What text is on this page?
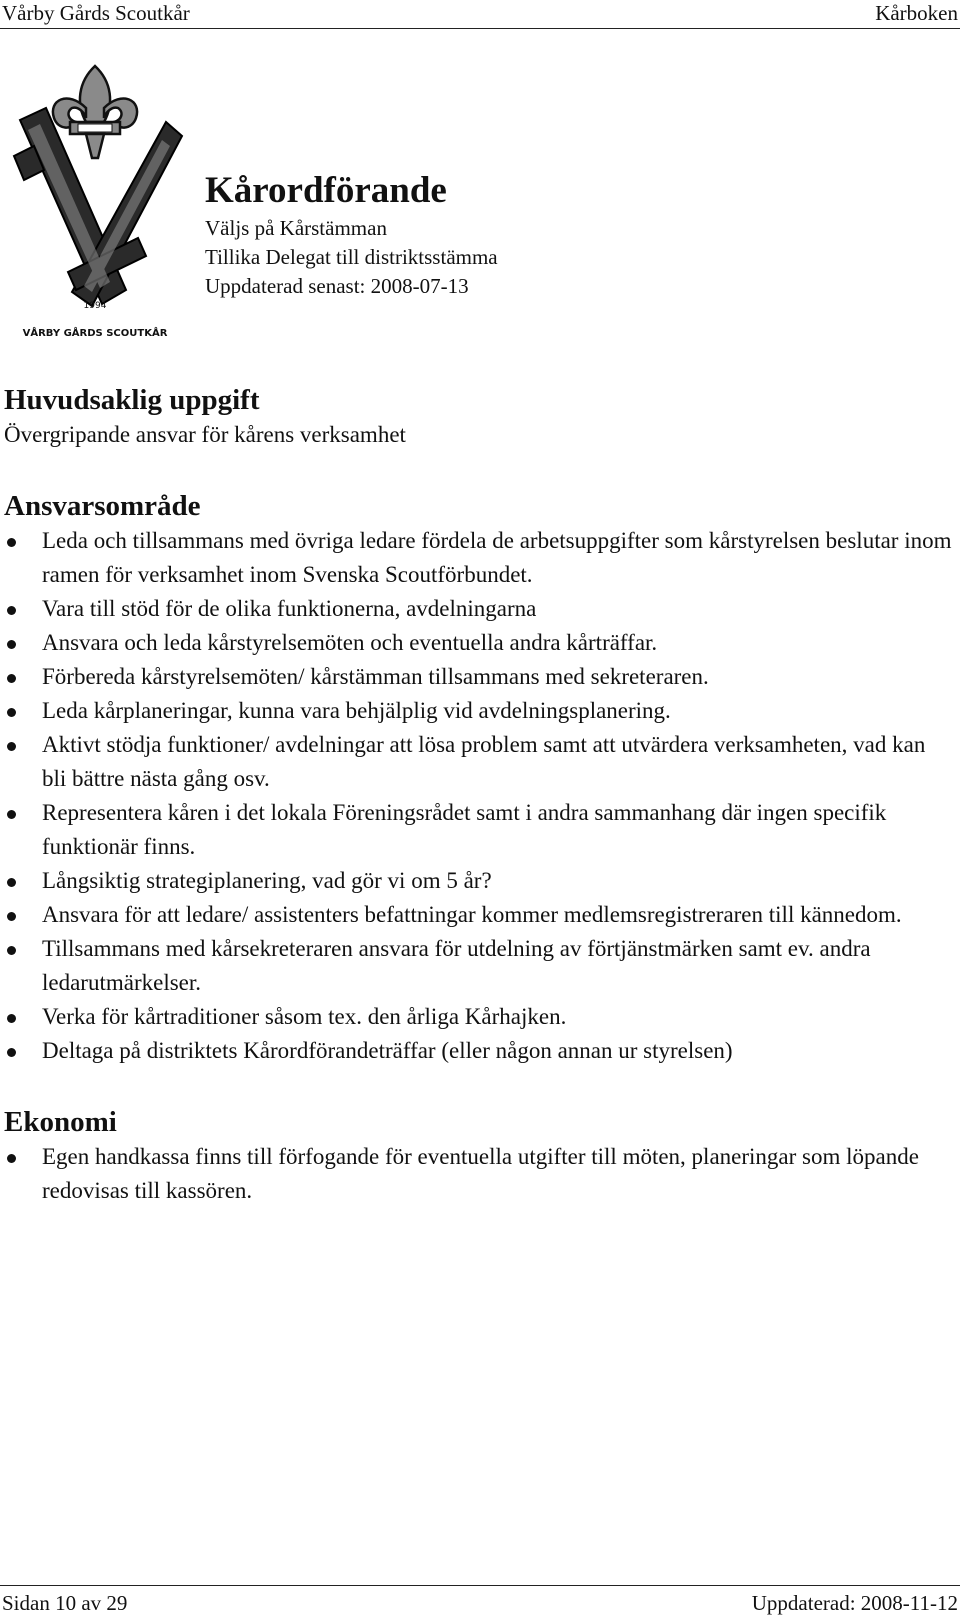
Vårby Gårds Scoutkår	Kårboken
1994
VÅRBY GÅRDS SCOUTKÅR
Kårordförande
Väljs på Kårstämman
Tillika Delegat till distriktsstämma
Uppdaterad senast: 2008-07-13
Huvudsaklig uppgift

Övergripande ansvar för kårens verksamhet

Ansvarsområde
Leda och tillsammans med övriga ledare fördela de arbetsuppgifter som kårstyrelsen beslutar inom ramen för verksamhet inom Svenska Scoutförbundet.
Vara till stöd för de olika funktionerna, avdelningarna
Ansvara och leda kårstyrelsemöten och eventuella andra kårträffar.
Förbereda kårstyrelsemöten/ kårstämman tillsammans med sekreteraren.
Leda kårplaneringar, kunna vara behjälplig vid avdelningsplanering.
Aktivt stödja funktioner/ avdelningar att lösa problem samt att utvärdera verksamheten, vad kan bli bättre nästa gång osv.
Representera kåren i det lokala Föreningsrådet samt i andra sammanhang där ingen specifik funktionär finns.
Långsiktig strategiplanering, vad gör vi om 5 år?
Ansvara för att ledare/ assistenters befattningar kommer medlemsregistreraren till kännedom.
Tillsammans med kårsekreteraren ansvara för utdelning av förtjänstmärken samt ev. andra ledarutmärkelser.
Verka för kårtraditioner såsom tex. den årliga Kårhajken.
Deltaga på distriktets Kårordförandeträffar (eller någon annan ur styrelsen)
Ekonomi
Egen handkassa finns till förfogande för eventuella utgifter till möten, planeringar som löpande redovisas till kassören.
Sidan 10 av 29	Uppdaterad: 2008-11-12
